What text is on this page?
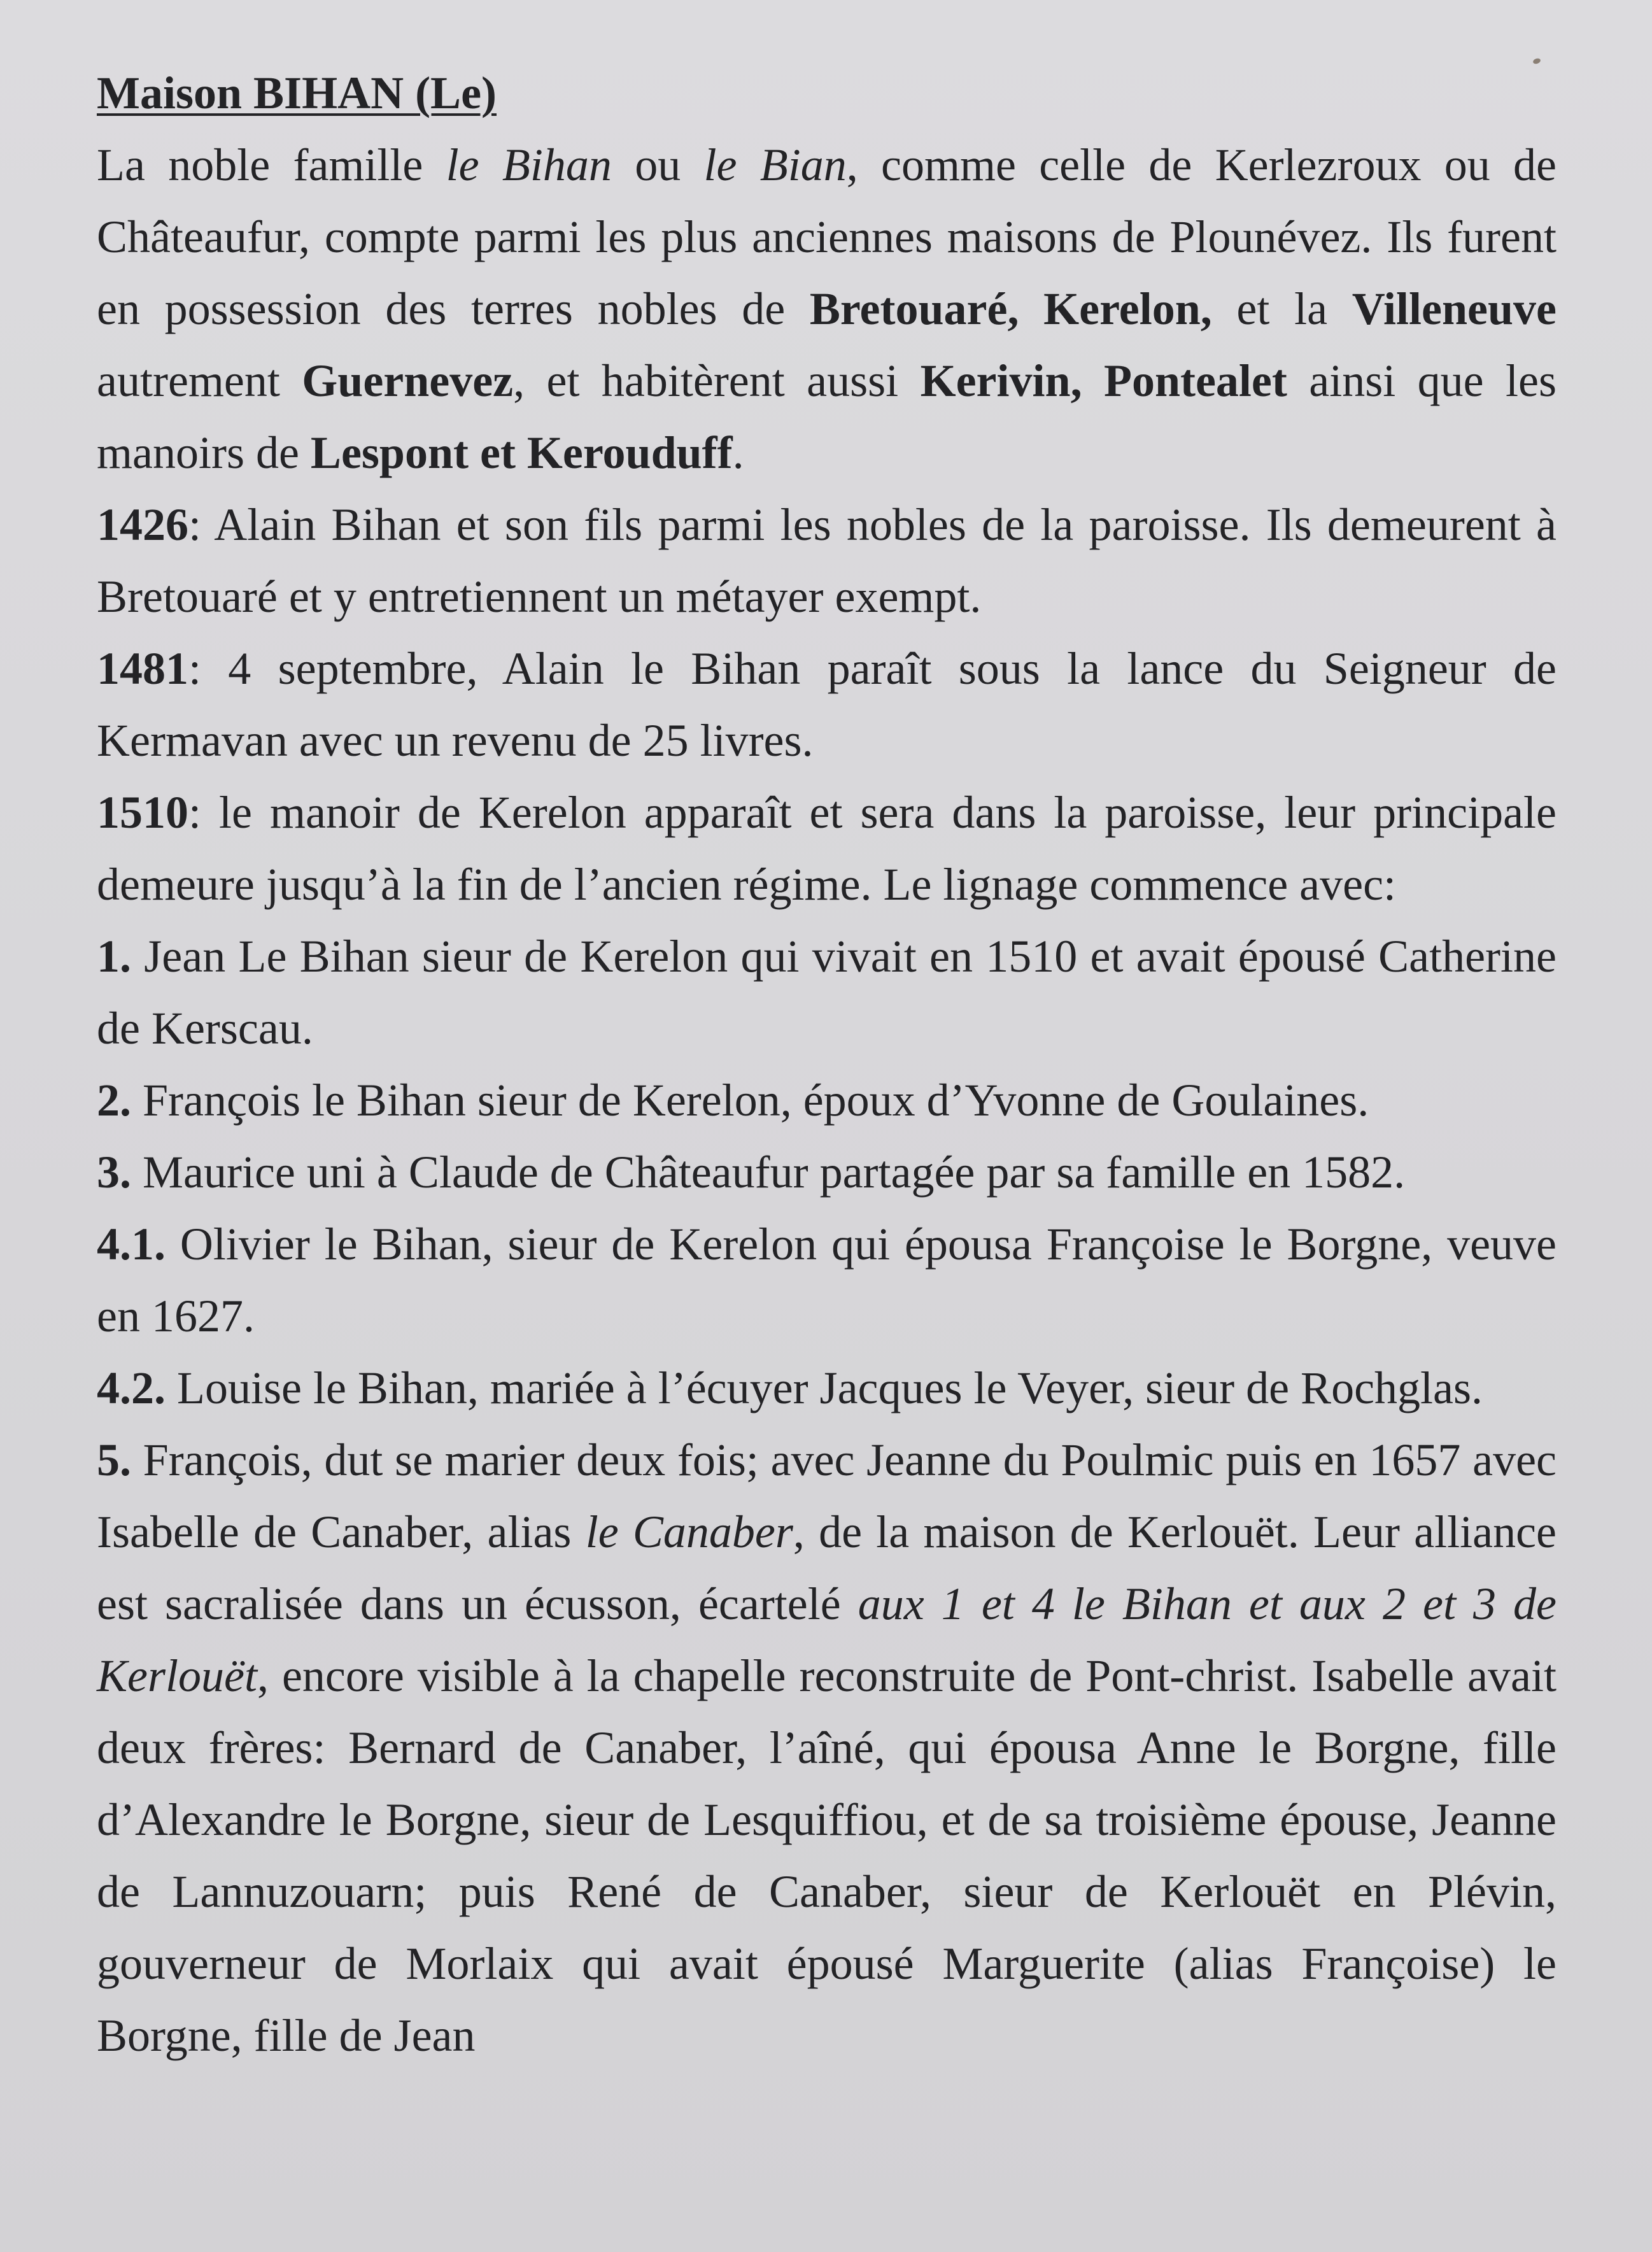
Maison BIHAN (Le)

La noble famille le Bihan ou le Bian, comme celle de Kerlezroux ou de Châteaufur, compte parmi les plus anciennes maisons de Plounévez. Ils furent en possession des terres nobles de Bretouaré, Kerelon, et la Villeneuve autrement Guernevez, et habitèrent aussi Kerivin, Pontealet ainsi que les manoirs de Lespont et Kerouduff.

1426: Alain Bihan et son fils parmi les nobles de la paroisse. Ils demeurent à Bretouaré et y entretiennent un métayer exempt.

1481: 4 septembre, Alain le Bihan paraît sous la lance du Seigneur de Kermavan avec un revenu de 25 livres.

1510: le manoir de Kerelon apparaît et sera dans la paroisse, leur principale demeure jusqu’à la fin de l’ancien régime. Le lignage commence avec:

1. Jean Le Bihan sieur de Kerelon qui vivait en 1510 et avait épousé Catherine de Kerscau.

2. François le Bihan sieur de Kerelon, époux d’Yvonne de Goulaines.

3. Maurice uni à Claude de Châteaufur partagée par sa famille en 1582.

4.1. Olivier le Bihan, sieur de Kerelon qui épousa Françoise le Borgne, veuve en 1627.

4.2. Louise le Bihan, mariée à l’écuyer Jacques le Veyer, sieur de Rochglas.

5. François, dut se marier deux fois; avec Jeanne du Poulmic puis en 1657 avec Isabelle de Canaber, alias le Canaber, de la maison de Kerlouët. Leur alliance est sacralisée dans un écusson, écartelé aux 1 et 4 le Bihan et aux 2 et 3 de Kerlouët, encore visible à la chapelle reconstruite de Pont-christ. Isabelle avait deux frères: Bernard de Canaber, l’aîné, qui épousa Anne le Borgne, fille d’Alexandre le Borgne, sieur de Lesquiffiou, et de sa troisième épouse, Jeanne de Lannuzouarn; puis René de Canaber, sieur de Kerlouët en Plévin, gouverneur de Morlaix qui avait épousé Marguerite (alias Françoise) le Borgne, fille de Jean
